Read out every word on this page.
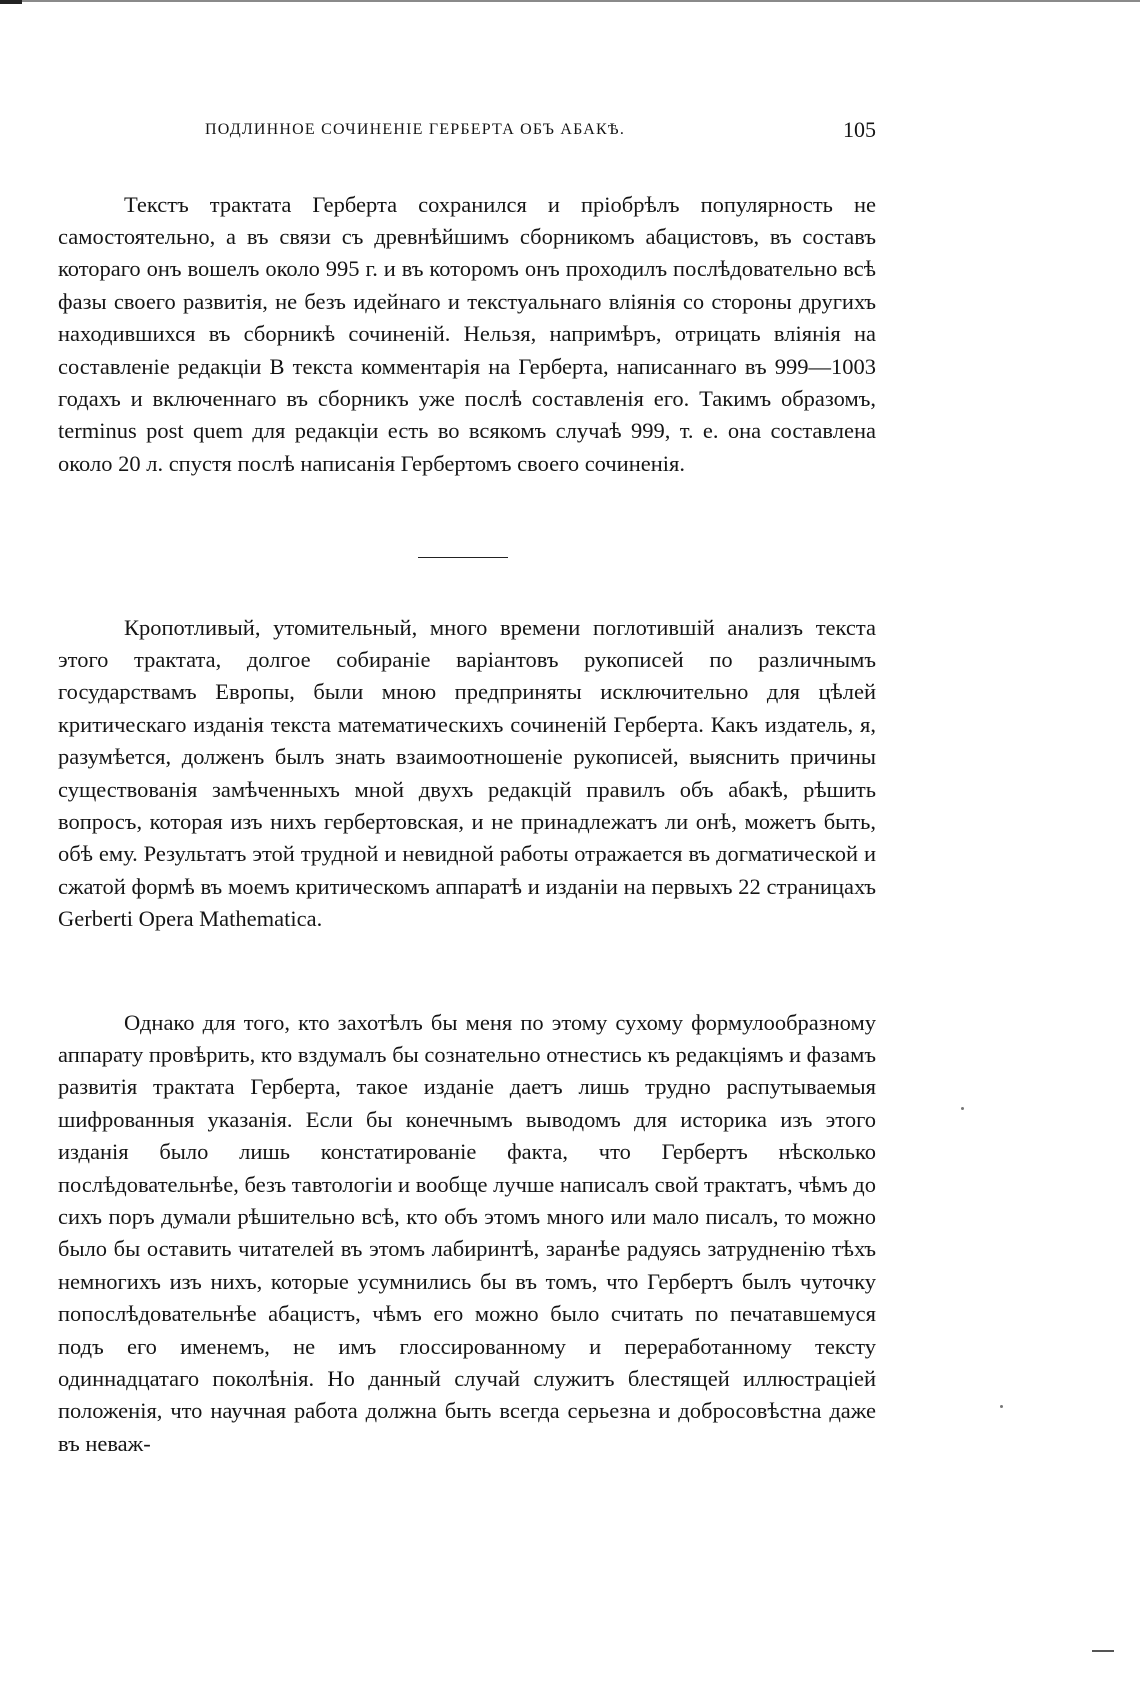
ПОДЛИННОЕ СОЧИНЕНІЕ ГЕРБЕРТА ОБЪ АБАКѢ.	105

Текстъ трактата Герберта сохранился и пріобрѣлъ популярность не самостоятельно, а въ связи съ древнѣйшимъ сборникомъ абацистовъ, въ составъ котораго онъ вошелъ около 995 г. и въ которомъ онъ проходилъ послѣдовательно всѣ фазы своего развитія, не безъ идейнаго и текстуальнаго вліянія со стороны другихъ находившихся въ сборникѣ сочиненій. Нельзя, напримѣръ, отрицать вліянія на составленіе редакціи B текста комментарія на Герберта, написаннаго въ 999—1003 годахъ и включеннаго въ сборникъ уже послѣ составленія его. Такимъ образомъ, terminus post quem для редакціи есть во всякомъ случаѣ 999, т. е. она составлена около 20 л. спустя послѣ написанія Гербертомъ своего сочиненія.

Кропотливый, утомительный, много времени поглотившій анализъ текста этого трактата, долгое собираніе варіантовъ рукописей по различнымъ государствамъ Европы, были мною предприняты исключительно для цѣлей критическаго изданія текста математическихъ сочиненій Герберта. Какъ издатель, я, разумѣется, долженъ былъ знать взаимоотношеніе рукописей, выяснить причины существованія замѣченныхъ мной двухъ редакцій правилъ объ абакѣ, рѣшить вопросъ, которая изъ нихъ гербертовская, и не принадлежатъ ли онѣ, можетъ быть, обѣ ему. Результатъ этой трудной и невидной работы отражается въ догматической и сжатой формѣ въ моемъ критическомъ аппаратѣ и изданіи на первыхъ 22 страницахъ Gerberti Opera Mathematica.

Однако для того, кто захотѣлъ бы меня по этому сухому формулообразному аппарату провѣрить, кто вздумалъ бы сознательно отнестись къ редакціямъ и фазамъ развитія трактата Герберта, такое изданіе даетъ лишь трудно распутываемыя шифрованныя указанія. Если бы конечнымъ выводомъ для историка изъ этого изданія было лишь констатированіе факта, что Гербертъ нѣсколько послѣдовательнѣе, безъ тавтологіи и вообще лучше написалъ свой трактатъ, чѣмъ до сихъ поръ думали рѣшительно всѣ, кто объ этомъ много или мало писалъ, то можно было бы оставить читателей въ этомъ лабиринтѣ, заранѣе радуясь затрудненію тѣхъ немногихъ изъ нихъ, которые усумнились бы въ томъ, что Гербертъ былъ чуточку попослѣдовательнѣе абацистъ, чѣмъ его можно было считать по печатавшемуся подъ его именемъ, не имъ глоссированному и переработанному тексту одиннадцатаго поколѣнія. Но данный случай служитъ блестящей иллюстраціей положенія, что научная работа должна быть всегда серьезна и добросовѣстна даже въ неваж-
